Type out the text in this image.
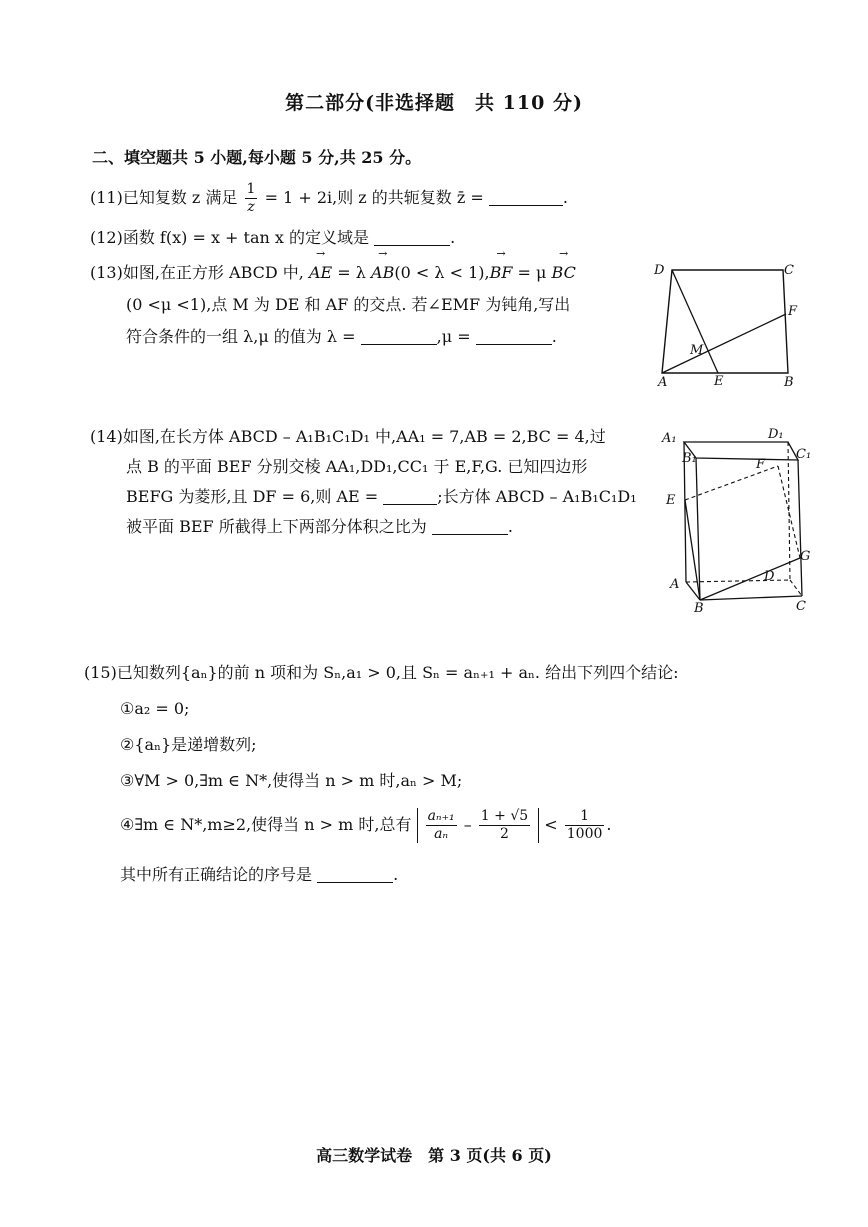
第二部分(非选择题　共 110 分)
二、填空题共 5 小题,每小题 5 分,共 25 分。
(11)已知复数 z 满足 $\frac{1}{z} = 1 + 2i$,则 z 的共轭复数 z̄ =	.
(12)函数 f(x) = x + tan x 的定义域是	.
(13)如图,在正方形 ABCD 中, → AE = λ → AB(0 < λ < 1),→ BF = μ → BC
(0 <μ <1),点 M 为 DE 和 AF 的交点. 若∠EMF 为钝角,写出
符合条件的一组 λ,μ 的值为 λ =	,μ =	.
D	C
F
M
A	E	B
(14)如图,在长方体 ABCD – A₁B₁C₁D₁ 中,AA₁ = 7,AB = 2,BC = 4,过
点 B 的平面 BEF 分别交棱 AA₁,DD₁,CC₁ 于 E,F,G. 已知四边形
BEFG 为菱形,且 DF = 6,则 AE =	;长方体 ABCD – A₁B₁C₁D₁
被平面 BEF 所截得上下两部分体积之比为	.
A₁	D₁
B₁	C₁
F
E
G
A
D
B	C
(15)已知数列{aₙ}的前 n 项和为 Sₙ,a₁ > 0,且 Sₙ = aₙ₊₁ + aₙ. 给出下列四个结论:
①a₂ = 0;
②{aₙ}是递增数列;
③∀M > 0,∃m ∈ N*,使得当 n > m 时,aₙ > M;
④∃m ∈ N*,m≥2,使得当 n > m 时,总有 $\frac{\text{aₙ₊₁}}{\text{aₙ}} - \frac{1 + √5}{2} < \frac{1}{1000}$ .
其中所有正确结论的序号是	.
高三数学试卷　第 3 页(共 6 页)
